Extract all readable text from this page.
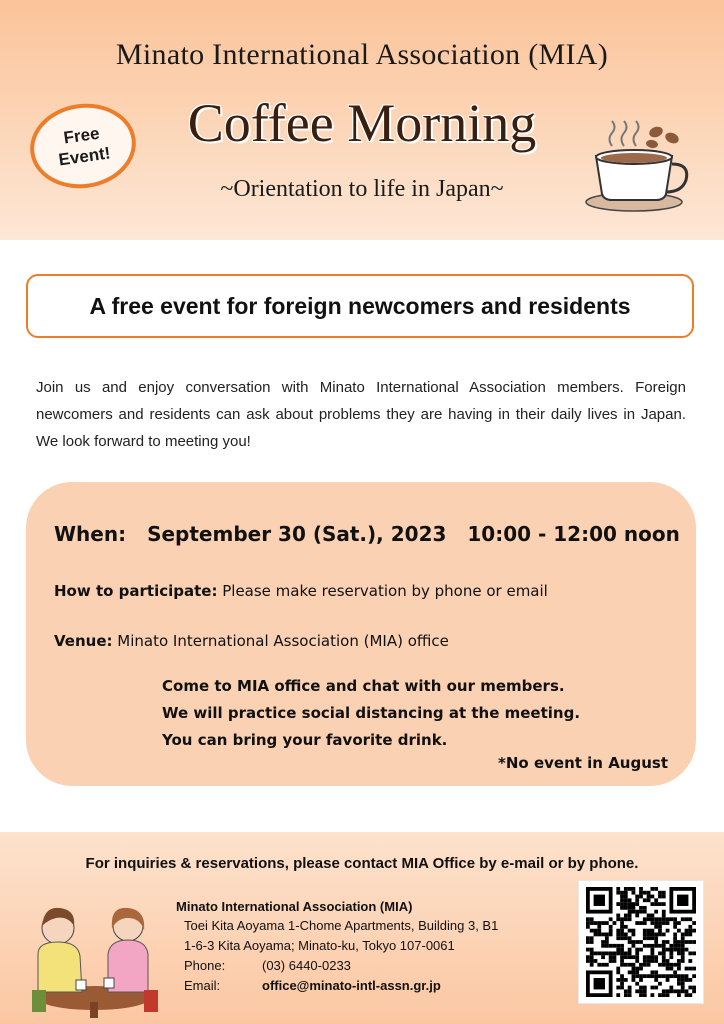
Minato International Association (MIA)
Free
Event!
Coffee Morning
~Orientation to life in Japan~
A free event for foreign newcomers and residents

Join us and enjoy conversation with Minato International Association members. Foreign newcomers and residents can ask about problems they are having in their daily lives in Japan. We look forward to meeting you!

When: September 30 (Sat.), 2023 10:00 - 12:00 noon
How to participate: Please make reservation by phone or email
Venue: Minato International Association (MIA) office
Come to MIA office and chat with our members.
We will practice social distancing at the meeting.
You can bring your favorite drink.
*No event in August
For inquiries & reservations, please contact MIA Office by e-mail or by phone.
Minato International Association (MIA)
Toei Kita Aoyama 1-Chome Apartments, Building 3, B1
1-6-3 Kita Aoyama; Minato-ku, Tokyo 107-0061
Phone:	(03) 6440-0233
Email:	office@minato-intl-assn.gr.jp
